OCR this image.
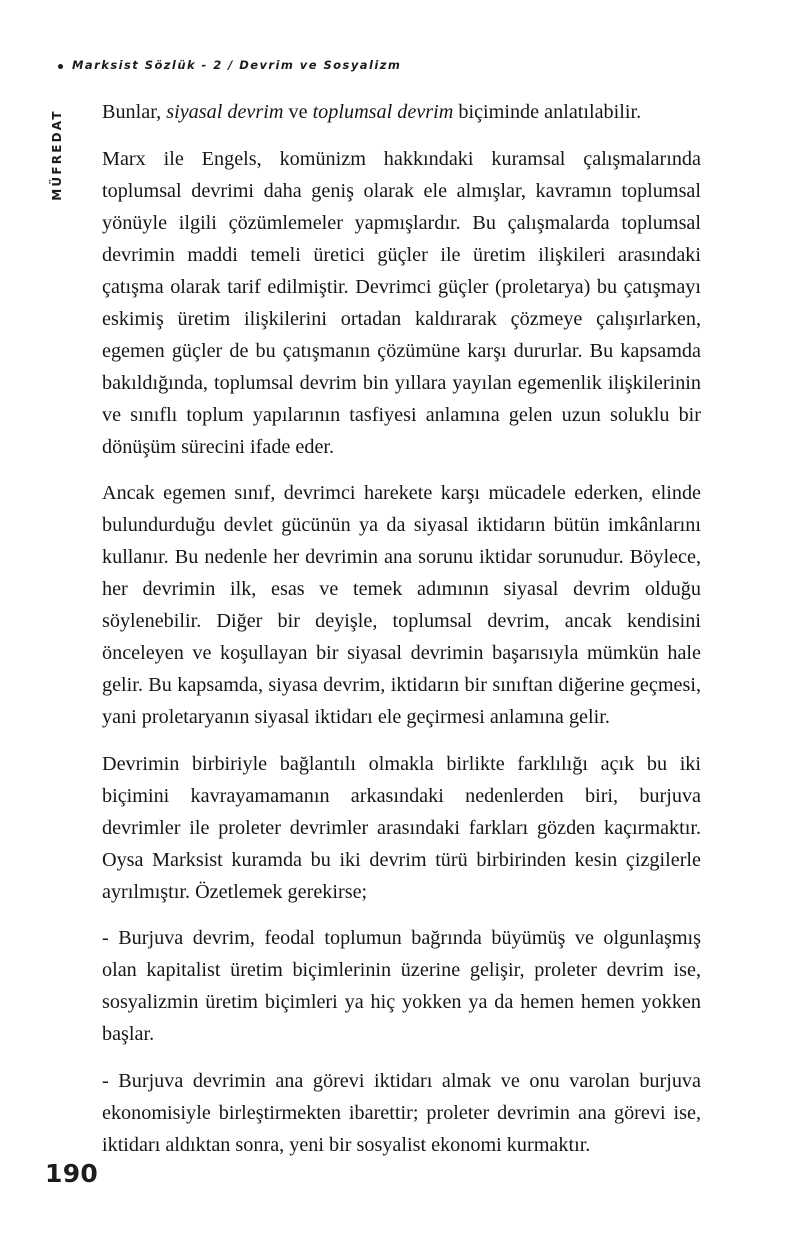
Marksist Sözlük - 2 / Devrim ve Sosyalizm
MÜFREDAT Bunlar, siyasal devrim ve toplumsal devrim biçiminde anlatılabilir.

Marx ile Engels, komünizm hakkındaki kuramsal çalışmalarında toplumsal devrimi daha geniş olarak ele almışlar, kavramın toplumsal yönüyle ilgili çözümlemeler yapmışlardır. Bu çalışmalarda toplumsal devrimin maddi temeli üretici güçler ile üretim ilişkileri arasındaki çatışma olarak tarif edilmiştir. Devrimci güçler (proletarya) bu çatışmayı eskimiş üretim ilişkilerini ortadan kaldırarak çözmeye çalışırlarken, egemen güçler de bu çatışmanın çözümüne karşı dururlar. Bu kapsamda bakıldığında, toplumsal devrim bin yıllara yayılan egemenlik ilişkilerinin ve sınıflı toplum yapılarının tasfiyesi anlamına gelen uzun soluklu bir dönüşüm sürecini ifade eder.

Ancak egemen sınıf, devrimci harekete karşı mücadele ederken, elinde bulundurduğu devlet gücünün ya da siyasal iktidarın bütün imkânlarını kullanır. Bu nedenle her devrimin ana sorunu iktidar sorunudur. Böylece, her devrimin ilk, esas ve temek adımının siyasal devrim olduğu söylenebilir. Diğer bir deyişle, toplumsal devrim, ancak kendisini önceleyen ve koşullayan bir siyasal devrimin başarısıyla mümkün hale gelir. Bu kapsamda, siyasa devrim, iktidarın bir sınıftan diğerine geçmesi, yani proletaryanın siyasal iktidarı ele geçirmesi anlamına gelir.

Devrimin birbiriyle bağlantılı olmakla birlikte farklılığı açık bu iki biçimini kavrayamamanın arkasındaki nedenlerden biri, burjuva devrimler ile proleter devrimler arasındaki farkları gözden kaçırmaktır. Oysa Marksist kuramda bu iki devrim türü birbirinden kesin çizgilerle ayrılmıştır. Özetlemek gerekirse;

- Burjuva devrim, feodal toplumun bağrında büyümüş ve olgunlaşmış olan kapitalist üretim biçimlerinin üzerine gelişir, proleter devrim ise, sosyalizmin üretim biçimleri ya hiç yokken ya da hemen hemen yokken başlar.

- Burjuva devrimin ana görevi iktidarı almak ve onu varolan burjuva ekonomisiyle birleştirmekten ibarettir; proleter devrimin ana görevi ise, iktidarı aldıktan sonra, yeni bir sosyalist ekonomi kurmaktır.

190
